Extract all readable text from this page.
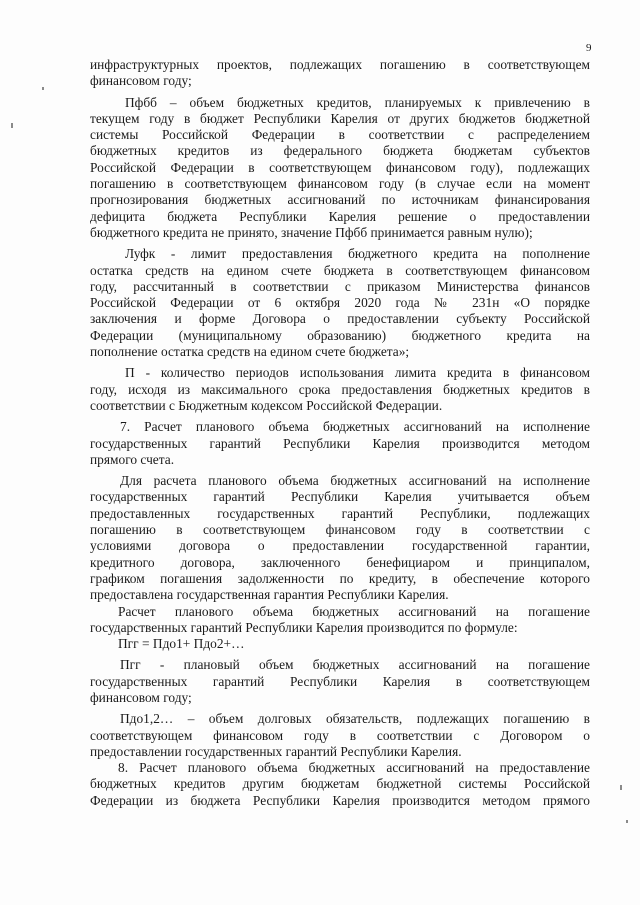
9
инфраструктурных проектов, подлежащих погашению в соответствующем
финансовом году;
Пфбб – объем бюджетных кредитов, планируемых к привлечению в
текущем году в бюджет Республики Карелия от других бюджетов бюджетной
системы Российской Федерации в соответствии с распределением
бюджетных кредитов из федерального бюджета бюджетам субъектов
Российской Федерации в соответствующем финансовом году), подлежащих
погашению в соответствующем финансовом году (в случае если на момент
прогнозирования бюджетных ассигнований по источникам финансирования
дефицита бюджета Республики Карелия решение о предоставлении
бюджетного кредита не принято, значение Пфбб принимается равным нулю);
Луфк - лимит предоставления бюджетного кредита на пополнение
остатка средств на едином счете бюджета в соответствующем финансовом
году, рассчитанный в соответствии с приказом Министерства финансов
Российской Федерации от 6 октября 2020 года № 231н «О порядке
заключения и форме Договора о предоставлении субъекту Российской
Федерации (муниципальному образованию) бюджетного кредита на
пополнение остатка средств на едином счете бюджета»;
П - количество периодов использования лимита кредита в финансовом
году, исходя из максимального срока предоставления бюджетных кредитов в
соответствии с Бюджетным кодексом Российской Федерации.
7. Расчет планового объема бюджетных ассигнований на исполнение
государственных гарантий Республики Карелия производится методом
прямого счета.
Для расчета планового объема бюджетных ассигнований на исполнение
государственных гарантий Республики Карелия учитывается объем
предоставленных государственных гарантий Республики, подлежащих
погашению в соответствующем финансовом году в соответствии с
условиями договора о предоставлении государственной гарантии,
кредитного договора, заключенного бенефициаром и принципалом,
графиком погашения задолженности по кредиту, в обеспечение которого
предоставлена государственная гарантия Республики Карелия.
Расчет планового объема бюджетных ассигнований на погашение
государственных гарантий Республики Карелия производится по формуле:
Пгг = Пдо1+ Пдо2+…
Пгг - плановый объем бюджетных ассигнований на погашение
государственных гарантий Республики Карелия в соответствующем
финансовом году;
Пдо1,2… – объем долговых обязательств, подлежащих погашению в
соответствующем финансовом году в соответствии с Договором о
предоставлении государственных гарантий Республики Карелия.
8. Расчет планового объема бюджетных ассигнований на предоставление
бюджетных кредитов другим бюджетам бюджетной системы Российской
Федерации из бюджета Республики Карелия производится методом прямого
